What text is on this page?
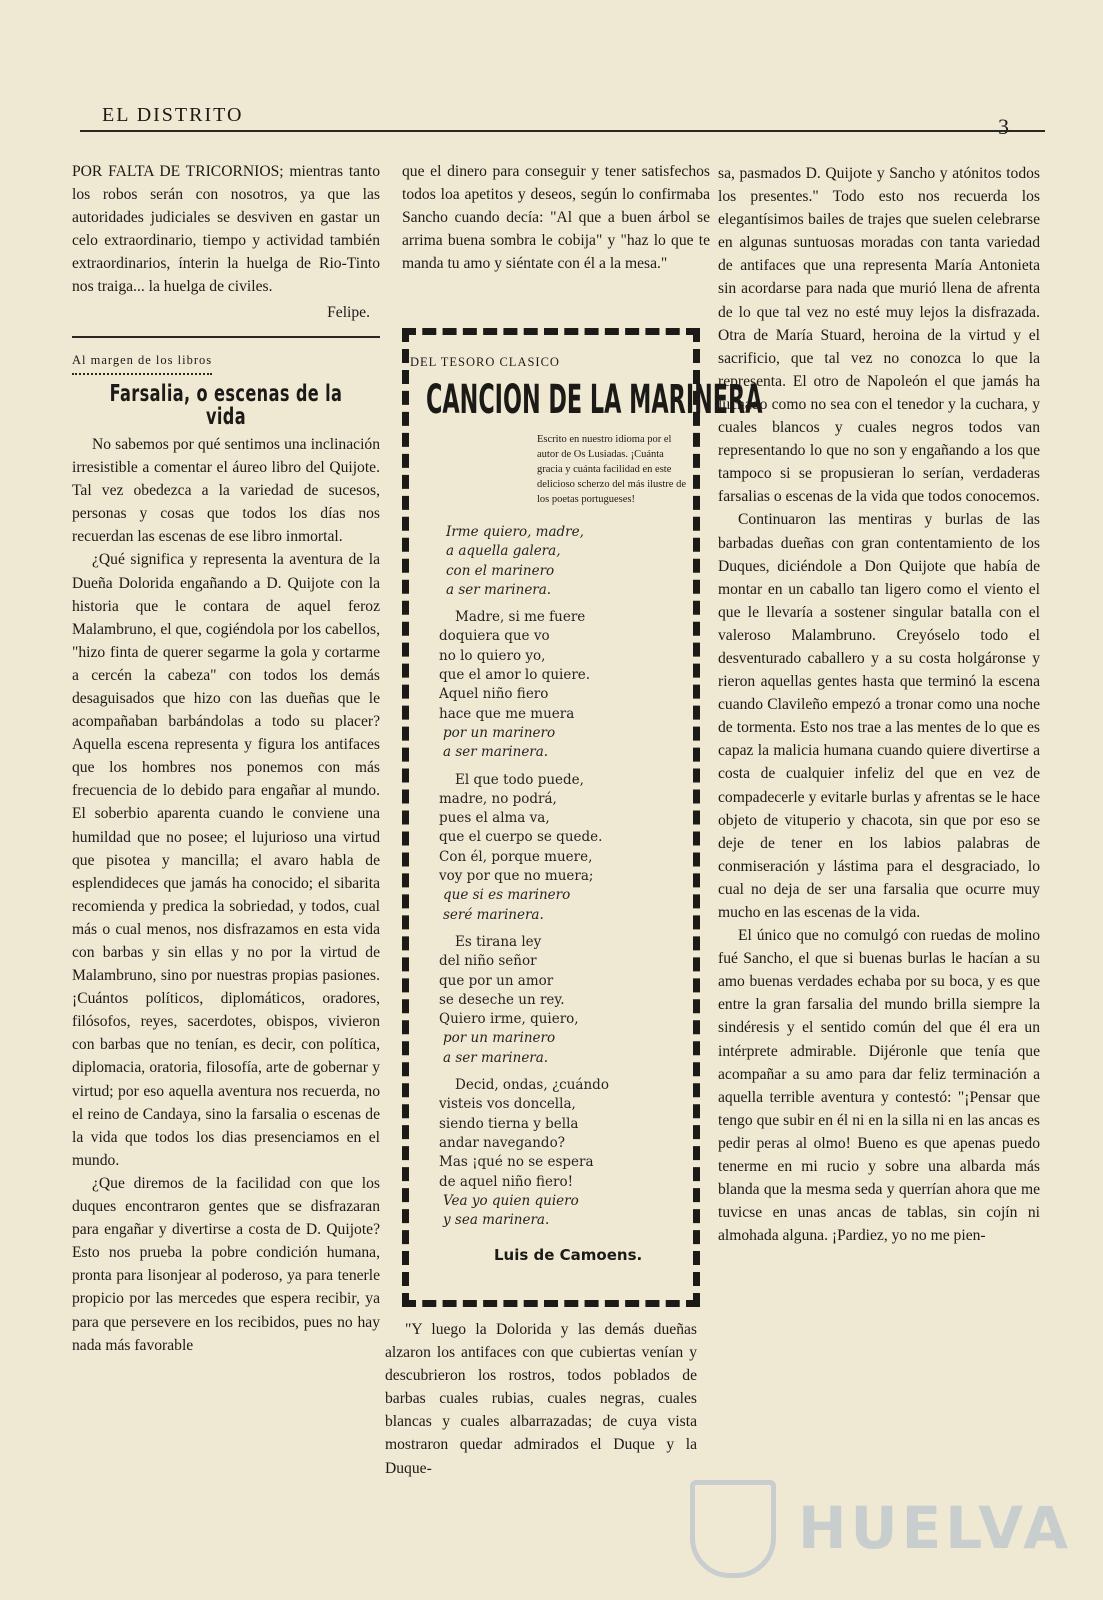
EL DISTRITO	3

POR FALTA DE TRICORNIOS; mientras tanto los robos serán con nosotros, ya que las autoridades judiciales se desviven en gastar un celo extraordinario, tiempo y actividad también extraordinarios, ínterin la huelga de Rio-Tinto nos traiga... la huelga de civiles.

Felipe.
Al margen de los libros
Farsalia, o escenas de la vida

No sabemos por qué sentimos una inclinación irresistible a comentar el áureo libro del Quijote. Tal vez obedezca a la variedad de sucesos, personas y cosas que todos los días nos recuerdan las escenas de ese libro inmortal.

¿Qué significa y representa la aventura de la Dueña Dolorida engañando a D. Quijote con la historia que le contara de aquel feroz Malambruno, el que, cogiéndola por los cabellos, "hizo finta de querer segarme la gola y cortarme a cercén la cabeza" con todos los demás desaguisados que hizo con las dueñas que le acompañaban barbándolas a todo su placer? Aquella escena representa y figura los antifaces que los hombres nos ponemos con más frecuencia de lo debido para engañar al mundo. El soberbio aparenta cuando le conviene una humildad que no posee; el lujurioso una virtud que pisotea y mancilla; el avaro habla de esplendideces que jamás ha conocido; el sibarita recomienda y predica la sobriedad, y todos, cual más o cual menos, nos disfrazamos en esta vida con barbas y sin ellas y no por la virtud de Malambruno, sino por nuestras propias pasiones. ¡Cuántos políticos, diplomáticos, oradores, filósofos, reyes, sacerdotes, obispos, vivieron con barbas que no tenían, es decir, con política, diplomacia, oratoria, filosofía, arte de gobernar y virtud; por eso aquella aventura nos recuerda, no el reino de Candaya, sino la farsalia o escenas de la vida que todos los dias presenciamos en el mundo.

¿Que diremos de la facilidad con que los duques encontraron gentes que se disfrazaran para engañar y divertirse a costa de D. Quijote? Esto nos prueba la pobre condición humana, pronta para lisonjear al poderoso, ya para tenerle propicio por las mercedes que espera recibir, ya para que persevere en los recibidos, pues no hay nada más favorable

que el dinero para conseguir y tener satisfechos todos loa apetitos y deseos, según lo confirmaba Sancho cuando decía: "Al que a buen árbol se arrima buena sombra le cobija" y "haz lo que te manda tu amo y siéntate con él a la mesa."

DEL TESORO CLASICO
CANCION DE LA MARINERA
Escrito en nuestro idioma por el autor de Os Lusiadas. ¡Cuánta gracia y cuánta facilidad en este delicioso scherzo del más ilustre de los poetas portugueses!
Irme quiero, madre,
a aquella galera,
con el marinero
a ser marinera.
Madre, si me fuere
doquiera que vo
no lo quiero yo,
que el amor lo quiere.
Aquel niño fiero
hace que me muera
por un marinero
a ser marinera.
El que todo puede,
madre, no podrá,
pues el alma va,
que el cuerpo se quede.
Con él, porque muere,
voy por que no muera;
que si es marinero
seré marinera.
Es tirana ley
del niño señor
que por un amor
se deseche un rey.
Quiero irme, quiero,
por un marinero
a ser marinera.
Decid, ondas, ¿cuándo
visteis vos doncella,
siendo tierna y bella
andar navegando?
Mas ¡qué no se espera
de aquel niño fiero!
Vea yo quien quiero
y sea marinera.
Luis de Camoens.

"Y luego la Dolorida y las demás dueñas alzaron los antifaces con que cubiertas venían y descubrieron los rostros, todos poblados de barbas cuales rubias, cuales negras, cuales blancas y cuales albarrazadas; de cuya vista mostraron quedar admirados el Duque y la Duque-

sa, pasmados D. Quijote y Sancho y atónitos todos los presentes." Todo esto nos recuerda los elegantísimos bailes de trajes que suelen celebrarse en algunas suntuosas moradas con tanta variedad de antifaces que una representa María Antonieta sin acordarse para nada que murió llena de afrenta de lo que tal vez no esté muy lejos la disfrazada. Otra de María Stuard, heroina de la virtud y el sacrificio, que tal vez no conozca lo que la representa. El otro de Napoleón el que jamás ha luchado como no sea con el tenedor y la cuchara, y cuales blancos y cuales negros todos van representando lo que no son y engañando a los que tampoco si se propusieran lo serían, verdaderas farsalias o escenas de la vida que todos conocemos.

Continuaron las mentiras y burlas de las barbadas dueñas con gran contentamiento de los Duques, diciéndole a Don Quijote que había de montar en un caballo tan ligero como el viento el que le llevaría a sostener singular batalla con el valeroso Malambruno. Creyóselo todo el desventurado caballero y a su costa holgáronse y rieron aquellas gentes hasta que terminó la escena cuando Clavileño empezó a tronar como una noche de tormenta. Esto nos trae a las mentes de lo que es capaz la malicia humana cuando quiere divertirse a costa de cualquier infeliz del que en vez de compadecerle y evitarle burlas y afrentas se le hace objeto de vituperio y chacota, sin que por eso se deje de tener en los labios palabras de conmiseración y lástima para el desgraciado, lo cual no deja de ser una farsalia que ocurre muy mucho en las escenas de la vida.

El único que no comulgó con ruedas de molino fué Sancho, el que si buenas burlas le hacían a su amo buenas verdades echaba por su boca, y es que entre la gran farsalia del mundo brilla siempre la sindéresis y el sentido común del que él era un intérprete admirable. Dijéronle que tenía que acompañar a su amo para dar feliz terminación a aquella terrible aventura y contestó: "¡Pensar que tengo que subir en él ni en la silla ni en las ancas es pedir peras al olmo! Bueno es que apenas puedo tenerme en mi rucio y sobre una albarda más blanda que la mesma seda y querrían ahora que me tuvicse en unas ancas de tablas, sin cojín ni almohada alguna. ¡Pardiez, yo no me pien-

HUELVA
